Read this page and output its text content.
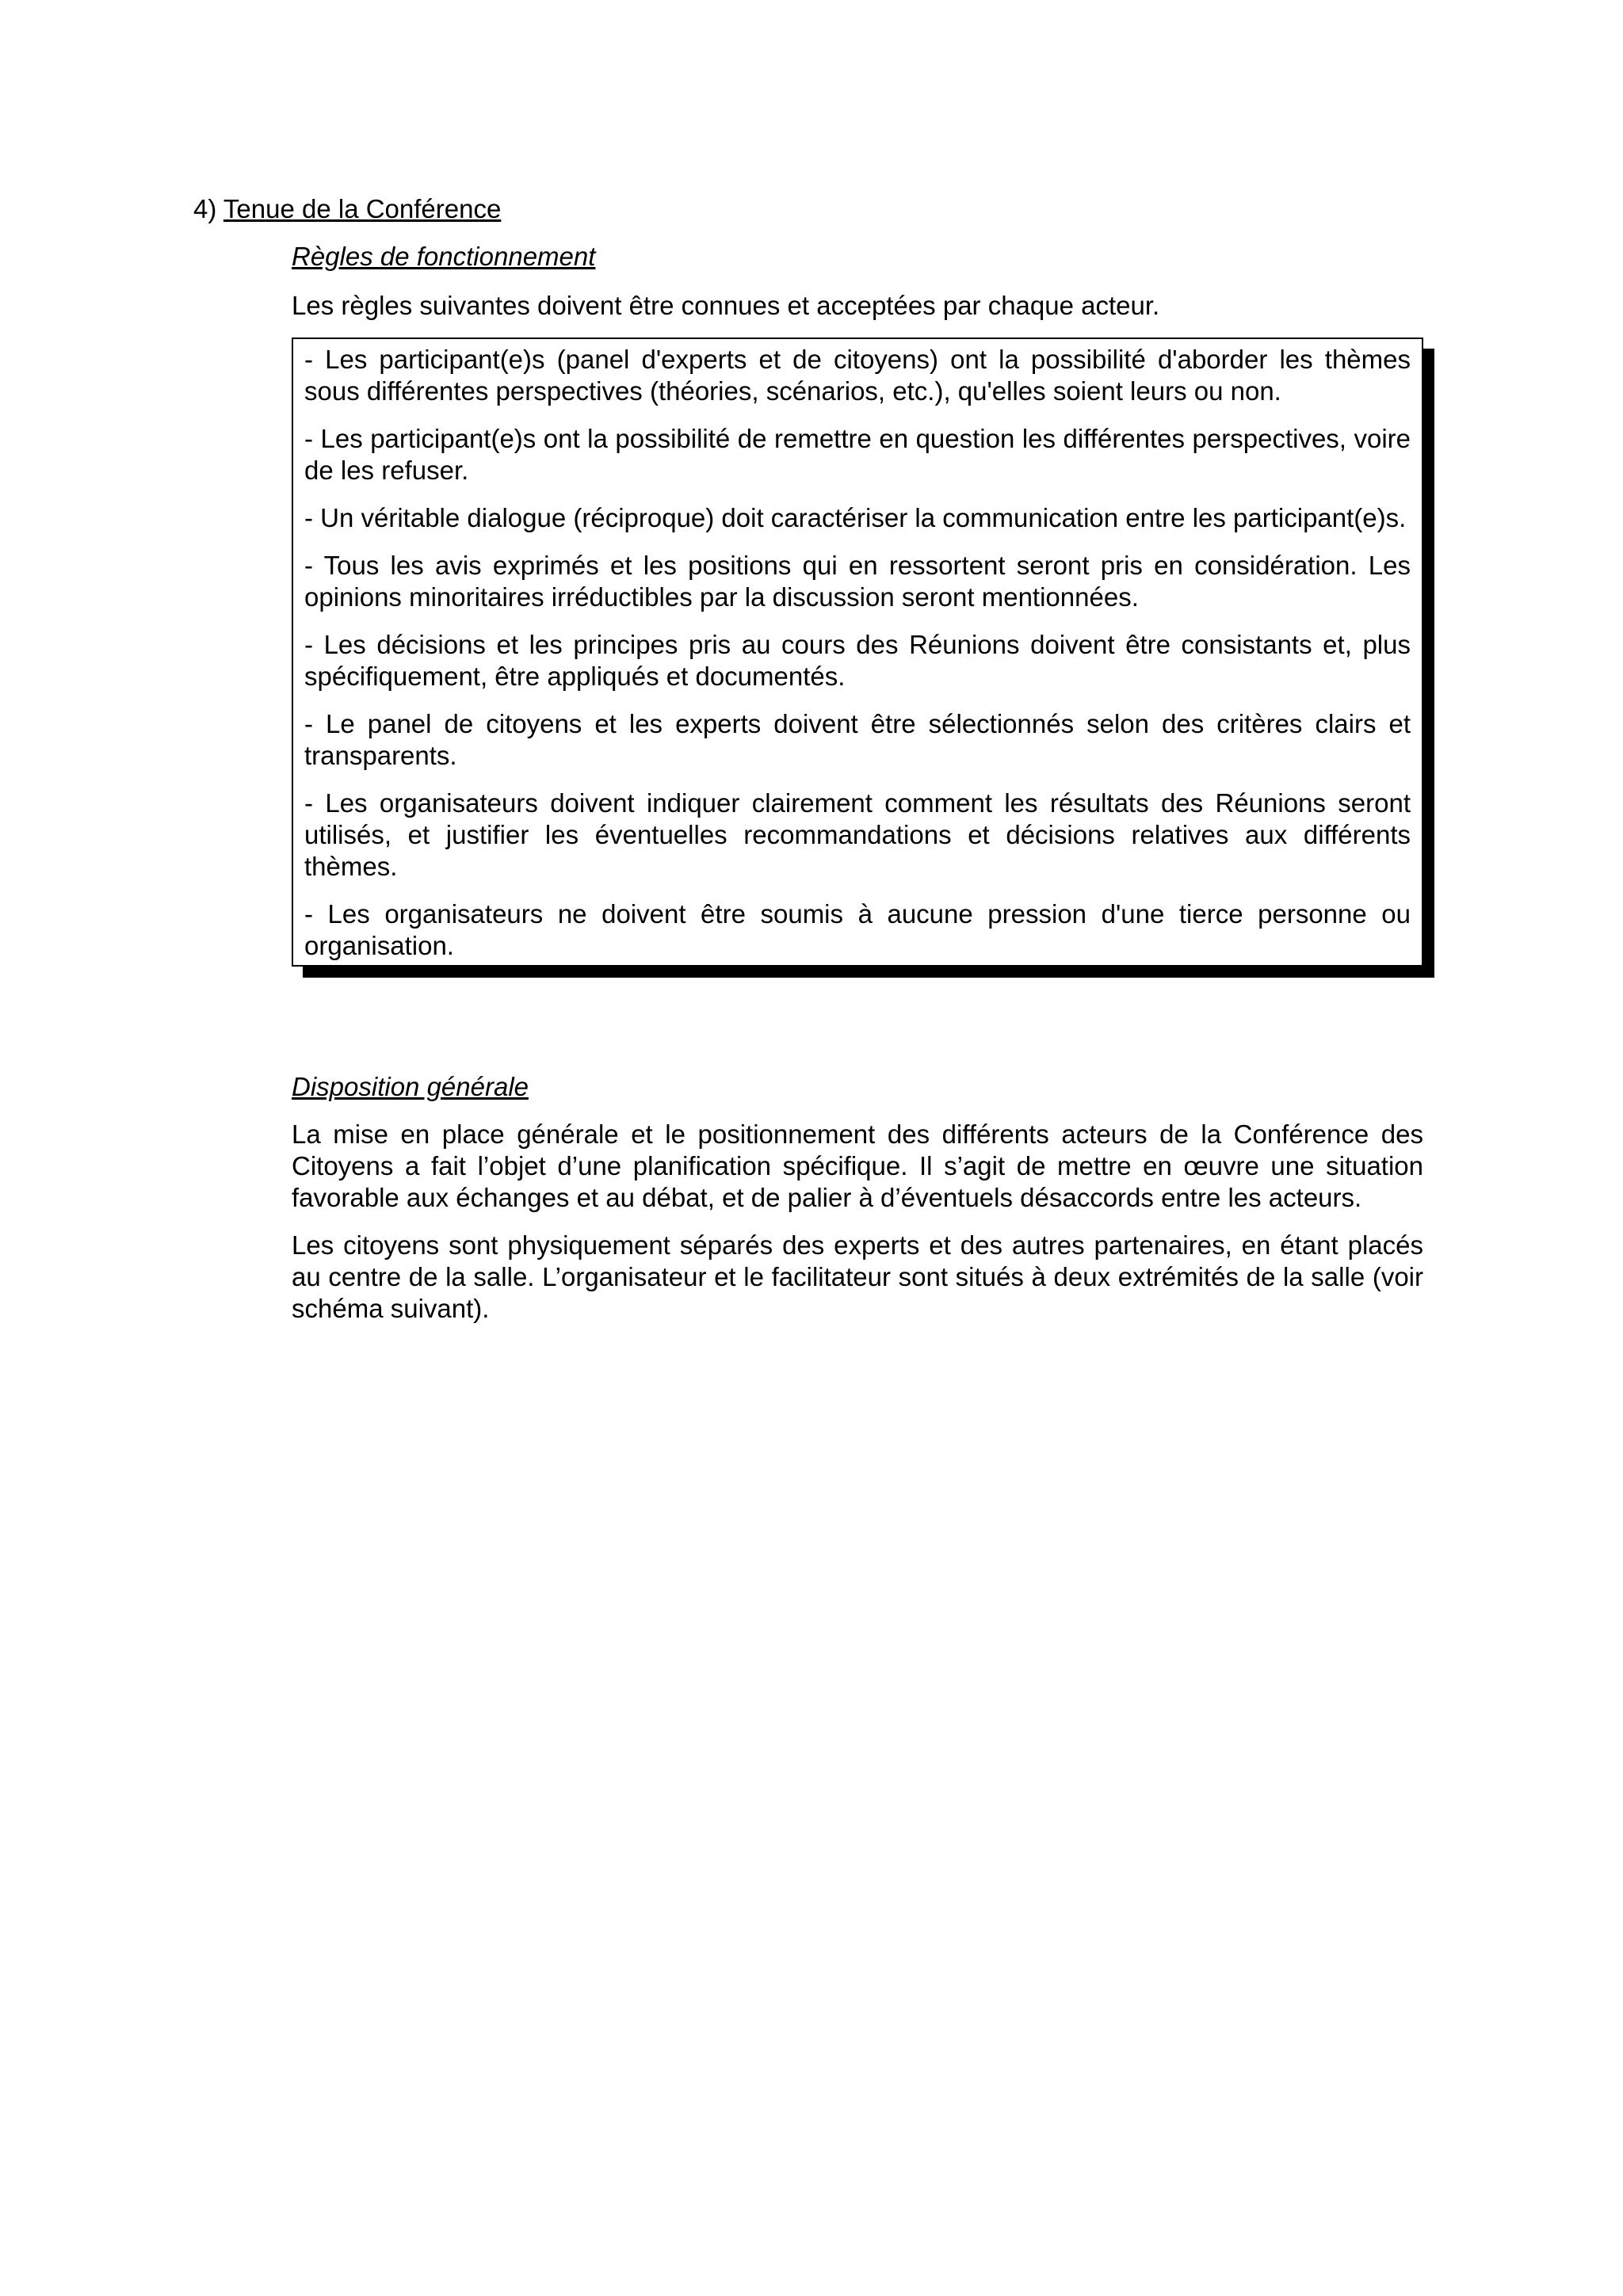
4) Tenue de la Conférence
Règles de fonctionnement
Les règles suivantes doivent être connues et acceptées par chaque acteur.

- Les participant(e)s (panel d'experts et de citoyens) ont la possibilité d'aborder les thèmes sous différentes perspectives (théories, scénarios, etc.), qu'elles soient leurs ou non.

- Les participant(e)s ont la possibilité de remettre en question les différentes perspectives, voire de les refuser.

- Un véritable dialogue (réciproque) doit caractériser la communication entre les participant(e)s.

- Tous les avis exprimés et les positions qui en ressortent seront pris en considération. Les opinions minoritaires irréductibles par la discussion seront mentionnées.

- Les décisions et les principes pris au cours des Réunions doivent être consistants et, plus spécifiquement, être appliqués et documentés.

- Le panel de citoyens et les experts doivent être sélectionnés selon des critères clairs et transparents.

- Les organisateurs doivent indiquer clairement comment les résultats des Réunions seront utilisés, et justifier les éventuelles recommandations et décisions relatives aux différents thèmes.

- Les organisateurs ne doivent être soumis à aucune pression d'une tierce personne ou organisation.

Disposition générale

La mise en place générale et le positionnement des différents acteurs de la Conférence des Citoyens a fait l’objet d’une planification spécifique. Il s’agit de mettre en œuvre une situation favorable aux échanges et au débat, et de palier à d’éventuels désaccords entre les acteurs.

Les citoyens sont physiquement séparés des experts et des autres partenaires, en étant placés au centre de la salle. L’organisateur et le facilitateur sont situés à deux extrémités de la salle (voir schéma suivant).
